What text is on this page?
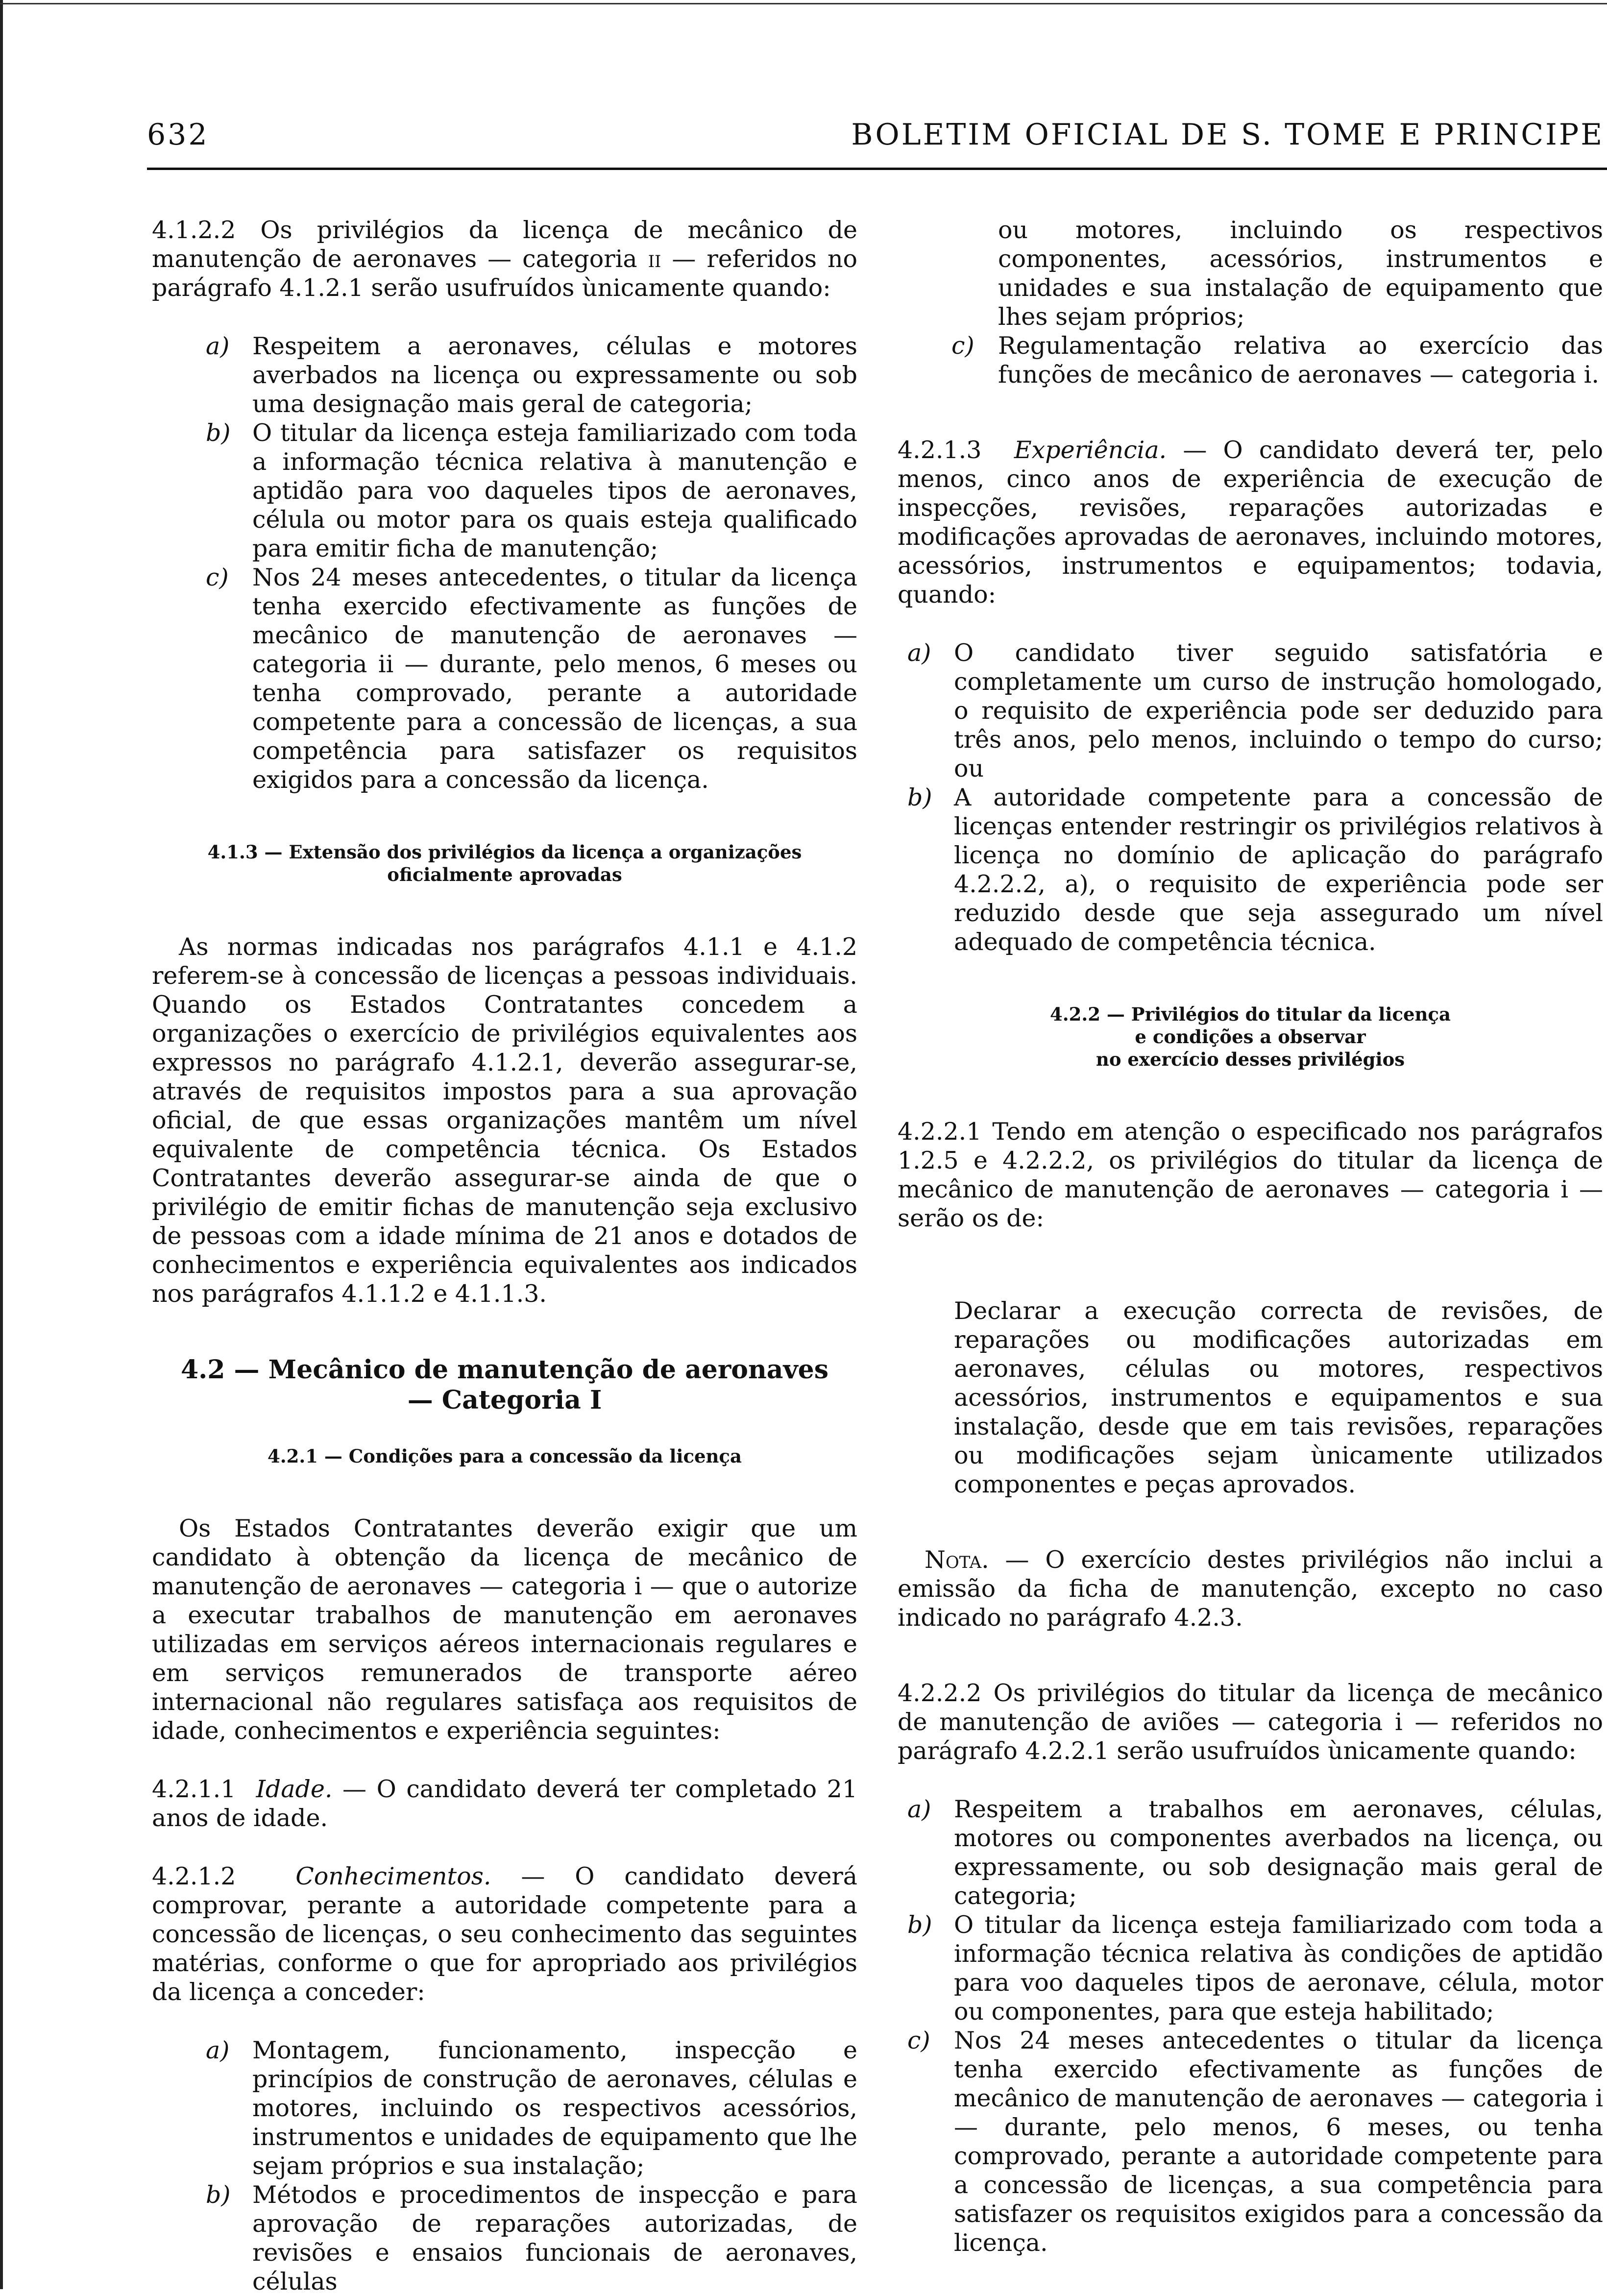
632	BOLETIM OFICIAL DE S. TOME E PRINCIPE

4.1.2.2 Os privilégios da licença de mecânico de manutenção de aeronaves — categoria ii — referidos no parágrafo 4.1.2.1 serão usufruídos ùnicamente quando:

a) Respeitem a aeronaves, células e motores averbados na licença ou expressamente ou sob uma designação mais geral de categoria;

b) O titular da licença esteja familiarizado com toda a informação técnica relativa à manutenção e aptidão para voo daqueles tipos de aeronaves, célula ou motor para os quais esteja qualificado para emitir ficha de manutenção;

c) Nos 24 meses antecedentes, o titular da licença tenha exercido efectivamente as funções de mecânico de manutenção de aeronaves — categoria ii — durante, pelo menos, 6 meses ou tenha comprovado, perante a autoridade competente para a concessão de licenças, a sua competência para satisfazer os requisitos exigidos para a concessão da licença.

4.1.3 — Extensão dos privilégios da licença a organizações

oficialmente aprovadas

As normas indicadas nos parágrafos 4.1.1 e 4.1.2 referem-se à concessão de licenças a pessoas individuais. Quando os Estados Contratantes concedem a organizações o exercício de privilégios equivalentes aos expressos no parágrafo 4.1.2.1, deverão assegurar-se, através de requisitos impostos para a sua aprovação oficial, de que essas organizações mantêm um nível equivalente de competência técnica. Os Estados Contratantes deverão assegurar-se ainda de que o privilégio de emitir fichas de manutenção seja exclusivo de pessoas com a idade mínima de 21 anos e dotados de conhecimentos e experiência equivalentes aos indicados nos parágrafos 4.1.1.2 e 4.1.1.3.

4.2 — Mecânico de manutenção de aeronaves

— Categoria I

4.2.1 — Condições para a concessão da licença

Os Estados Contratantes deverão exigir que um candidato à obtenção da licença de mecânico de manutenção de aeronaves — categoria i — que o autorize a executar trabalhos de manutenção em aeronaves utilizadas em serviços aéreos internacionais regulares e em serviços remunerados de transporte aéreo internacional não regulares satisfaça aos requisitos de idade, conhecimentos e experiência seguintes:

4.2.1.1 Idade. — O candidato deverá ter completado 21 anos de idade.

4.2.1.2 Conhecimentos. — O candidato deverá comprovar, perante a autoridade competente para a concessão de licenças, o seu conhecimento das seguintes matérias, conforme o que for apropriado aos privilégios da licença a conceder:

a) Montagem, funcionamento, inspecção e princípios de construção de aeronaves, células e motores, incluindo os respectivos acessórios, instrumentos e unidades de equipamento que lhe sejam próprios e sua instalação;

b) Métodos e procedimentos de inspecção e para aprovação de reparações autorizadas, de revisões e ensaios funcionais de aeronaves, células

ou motores, incluindo os respectivos componentes, acessórios, instrumentos e unidades e sua instalação de equipamento que lhes sejam próprios;

c) Regulamentação relativa ao exercício das funções de mecânico de aeronaves — categoria i.

4.2.1.3 Experiência. — O candidato deverá ter, pelo menos, cinco anos de experiência de execução de inspecções, revisões, reparações autorizadas e modificações aprovadas de aeronaves, incluindo motores, acessórios, instrumentos e equipamentos; todavia, quando:

a) O candidato tiver seguido satisfatória e completamente um curso de instrução homologado, o requisito de experiência pode ser deduzido para três anos, pelo menos, incluindo o tempo do curso; ou

b) A autoridade competente para a concessão de licenças entender restringir os privilégios relativos à licença no domínio de aplicação do parágrafo 4.2.2.2, a), o requisito de experiência pode ser reduzido desde que seja assegurado um nível adequado de competência técnica.

4.2.2 — Privilégios do titular da licença

e condições a observar

no exercício desses privilégios

4.2.2.1 Tendo em atenção o especificado nos parágrafos 1.2.5 e 4.2.2.2, os privilégios do titular da licença de mecânico de manutenção de aeronaves — categoria i — serão os de:

Declarar a execução correcta de revisões, de reparações ou modificações autorizadas em aeronaves, células ou motores, respectivos acessórios, instrumentos e equipamentos e sua instalação, desde que em tais revisões, reparações ou modificações sejam ùnicamente utilizados componentes e peças aprovados.

Nota. — O exercício destes privilégios não inclui a emissão da ficha de manutenção, excepto no caso indicado no parágrafo 4.2.3.

4.2.2.2 Os privilégios do titular da licença de mecânico de manutenção de aviões — categoria i — referidos no parágrafo 4.2.2.1 serão usufruídos ùnicamente quando:

a) Respeitem a trabalhos em aeronaves, células, motores ou componentes averbados na licença, ou expressamente, ou sob designação mais geral de categoria;

b) O titular da licença esteja familiarizado com toda a informação técnica relativa às condições de aptidão para voo daqueles tipos de aeronave, célula, motor ou componentes, para que esteja habilitado;

c) Nos 24 meses antecedentes o titular da licença tenha exercido efectivamente as funções de mecânico de manutenção de aeronaves — categoria i — durante, pelo menos, 6 meses, ou tenha comprovado, perante a autoridade competente para a concessão de licenças, a sua competência para satisfazer os requisitos exigidos para a concessão da licença.
